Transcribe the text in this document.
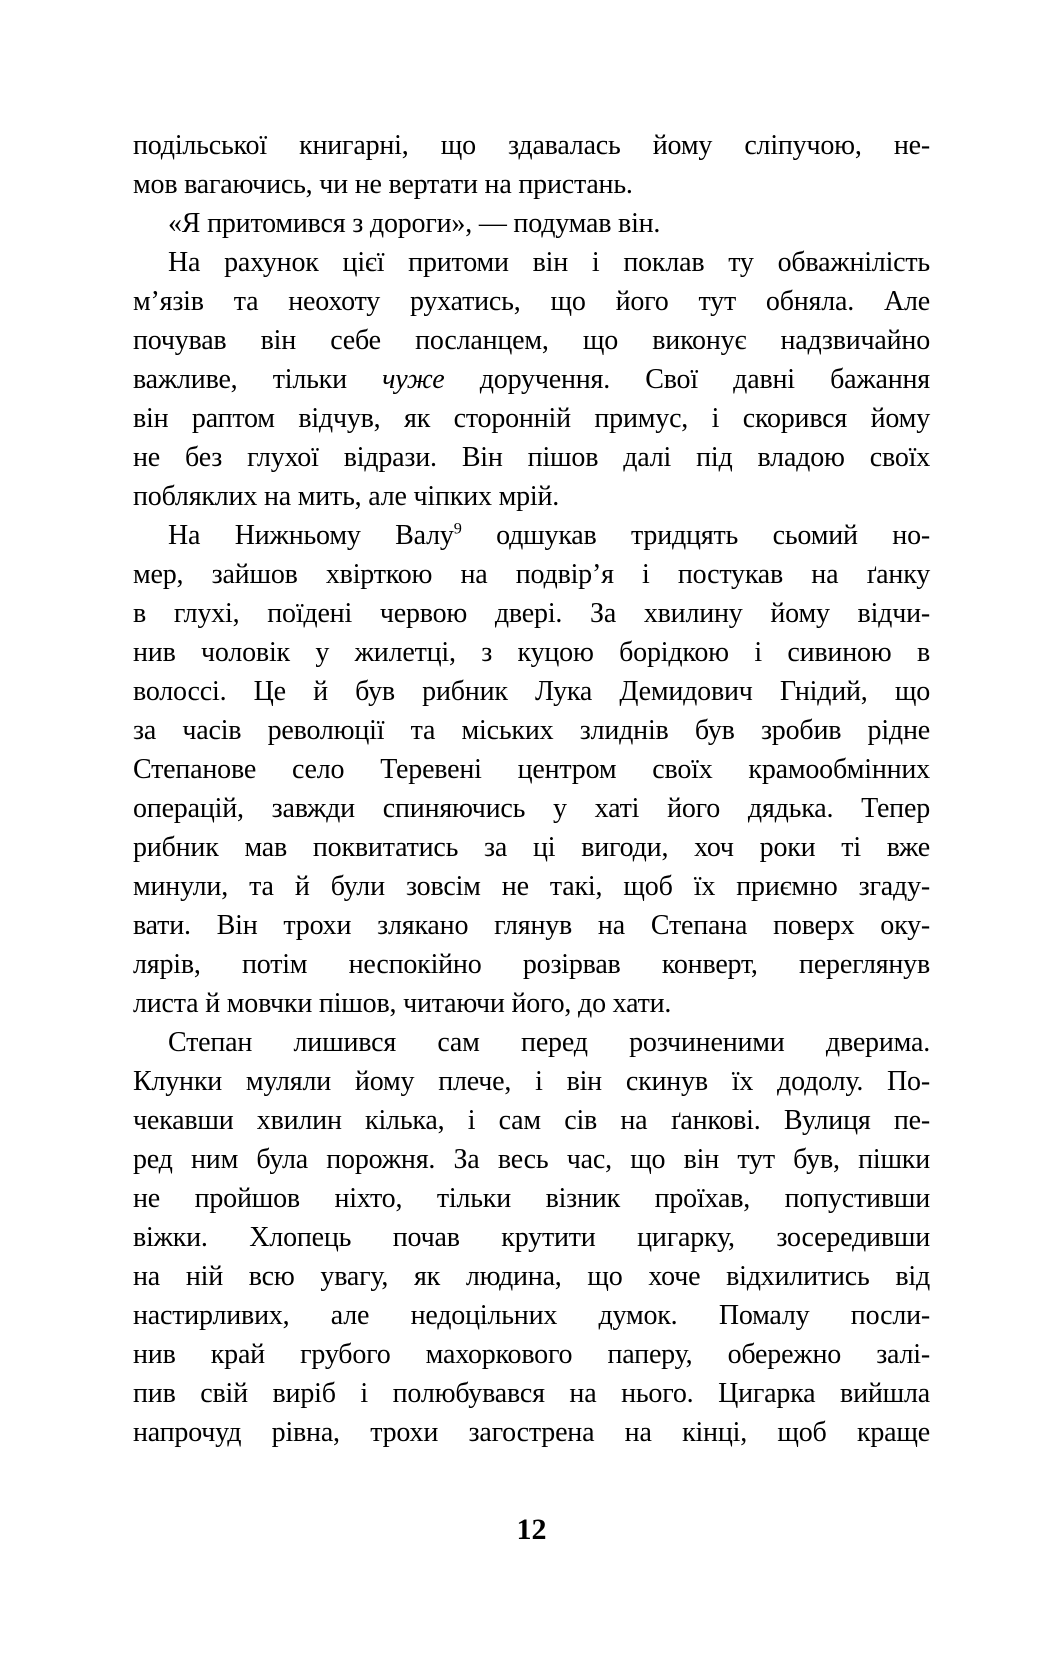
подільської книгарні, що здавалась йому сліпучою, не-
мов вагаючись, чи не вертати на пристань.
«Я притомився з дороги», — подумав він.
На рахунок цієї притоми він і поклав ту обважнілість
м’язів та неохоту рухатись, що його тут обняла. Але
почував він себе посланцем, що виконує надзвичайно
важливе, тільки чуже доручення. Свої давні бажання
він раптом відчув, як сторонній примус, і скорився йому
не без глухої відрази. Він пішов далі під владою своїх
побляклих на мить, але чіпких мрій.
На Нижньому Валу$^9$ одшукав тридцять сьомий но-
мер, зайшов хвірткою на подвір’я і постукав на ґанку
в глухі, поїдені червою двері. За хвилину йому відчи-
нив чоловік у жилетці, з куцою борідкою і сивиною в
волоссі. Це й був рибник Лука Демидович Гнідий, що
за часів революції та міських злиднів був зробив рідне
Степанове село Теревені центром своїх крамообмінних
операцій, завжди спиняючись у хаті його дядька. Тепер
рибник мав поквитатись за ці вигоди, хоч роки ті вже
минули, та й були зовсім не такі, щоб їх приємно згаду-
вати. Він трохи злякано глянув на Степана поверх оку-
лярів, потім неспокійно розірвав конверт, переглянув
листа й мовчки пішов, читаючи його, до хати.
Степан лишився сам перед розчиненими дверима.
Клунки муляли йому плече, і він скинув їх додолу. По-
чекавши хвилин кілька, і сам сів на ґанкові. Вулиця пе-
ред ним була порожня. За весь час, що він тут був, пішки
не пройшов ніхто, тільки візник проїхав, попустивши
віжки. Хлопець почав крутити цигарку, зосередивши
на ній всю увагу, як людина, що хоче відхилитись від
настирливих, але недоцільних думок. Помалу посли-
нив край грубого махоркового паперу, обережно залі-
пив свій виріб і полюбувався на нього. Цигарка вийшла
напрочуд рівна, трохи загострена на кінці, щоб краще
12
